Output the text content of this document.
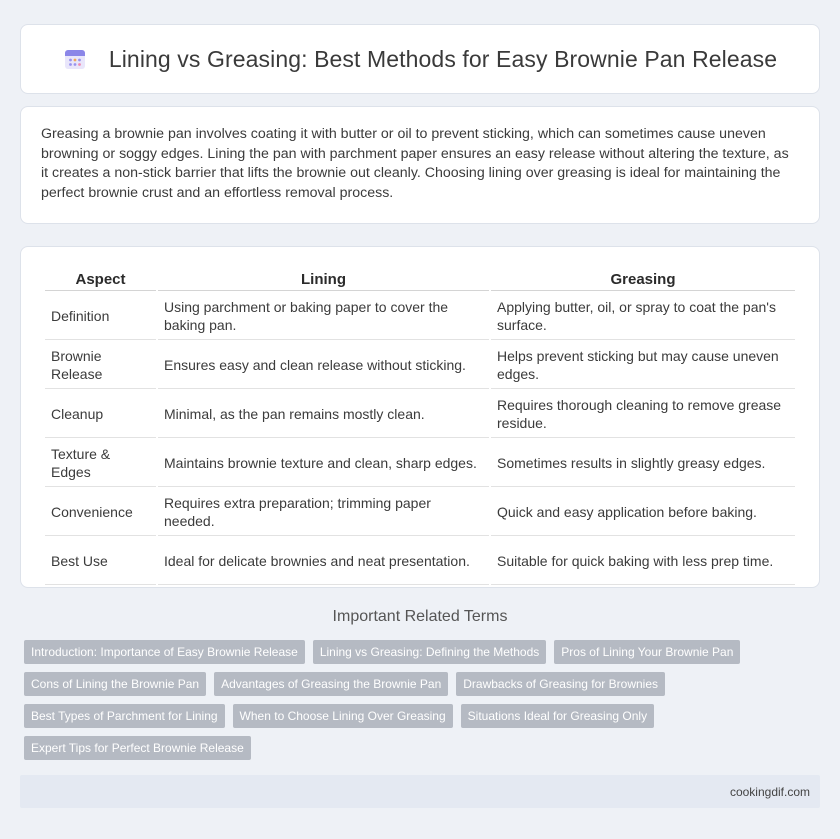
Lining vs Greasing: Best Methods for Easy Brownie Pan Release

Greasing a brownie pan involves coating it with butter or oil to prevent sticking, which can sometimes cause uneven browning or soggy edges. Lining the pan with parchment paper ensures an easy release without altering the texture, as it creates a non-stick barrier that lifts the brownie out cleanly. Choosing lining over greasing is ideal for maintaining the perfect brownie crust and an effortless removal process.

Aspect	Lining	Greasing
Definition	Using parchment or baking paper to cover the baking pan.	Applying butter, oil, or spray to coat the pan's surface.
Brownie Release	Ensures easy and clean release without sticking.	Helps prevent sticking but may cause uneven edges.
Cleanup	Minimal, as the pan remains mostly clean.	Requires thorough cleaning to remove grease residue.
Texture & Edges	Maintains brownie texture and clean, sharp edges.	Sometimes results in slightly greasy edges.
Convenience	Requires extra preparation; trimming paper needed.	Quick and easy application before baking.
Best Use	Ideal for delicate brownies and neat presentation.	Suitable for quick baking with less prep time.
Important Related Terms
Introduction: Importance of Easy Brownie Release	Lining vs Greasing: Defining the Methods	Pros of Lining Your Brownie Pan
Cons of Lining the Brownie Pan	Advantages of Greasing the Brownie Pan	Drawbacks of Greasing for Brownies
Best Types of Parchment for Lining	When to Choose Lining Over Greasing	Situations Ideal for Greasing Only
Expert Tips for Perfect Brownie Release
cookingdif.com
